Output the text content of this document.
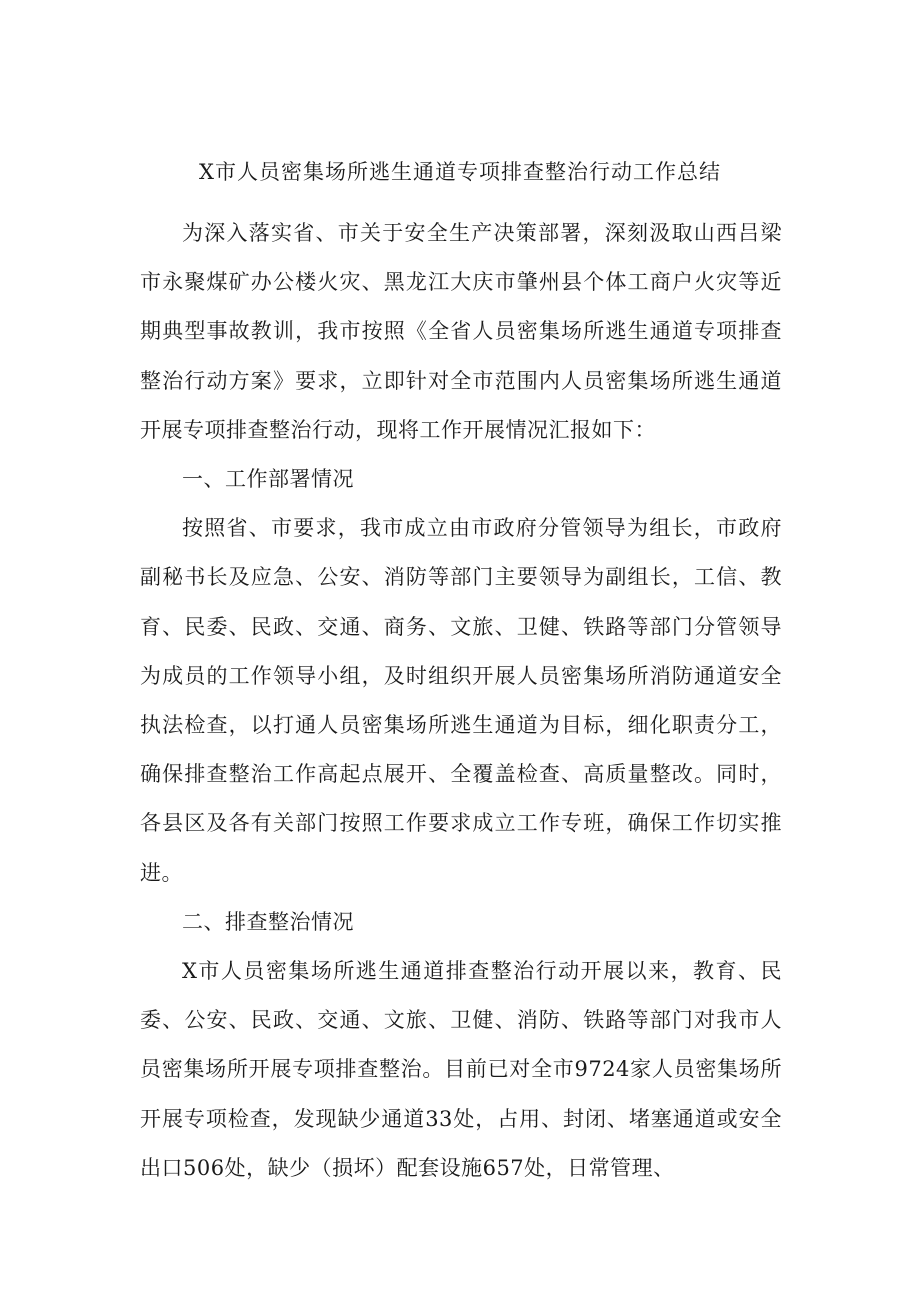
X市人员密集场所逃生通道专项排查整治行动工作总结

为深入落实省、市关于安全生产决策部署，深刻汲取山西吕梁市永聚煤矿办公楼火灾、黑龙江大庆市肇州县个体工商户火灾等近期典型事故教训，我市按照《全省人员密集场所逃生通道专项排查整治行动方案》要求，立即针对全市范围内人员密集场所逃生通道开展专项排查整治行动，现将工作开展情况汇报如下：

一、工作部署情况

按照省、市要求，我市成立由市政府分管领导为组长，市政府副秘书长及应急、公安、消防等部门主要领导为副组长，工信、教育、民委、民政、交通、商务、文旅、卫健、铁路等部门分管领导为成员的工作领导小组，及时组织开展人员密集场所消防通道安全执法检查，以打通人员密集场所逃生通道为目标，细化职责分工，确保排查整治工作高起点展开、全覆盖检查、高质量整改。同时，各县区及各有关部门按照工作要求成立工作专班，确保工作切实推进。

二、排查整治情况

X市人员密集场所逃生通道排查整治行动开展以来，教育、民委、公安、民政、交通、文旅、卫健、消防、铁路等部门对我市人员密集场所开展专项排查整治。目前已对全市9724家人员密集场所开展专项检查，发现缺少通道33处，占用、封闭、堵塞通道或安全出口506处，缺少（损坏）配套设施657处，日常管理、
